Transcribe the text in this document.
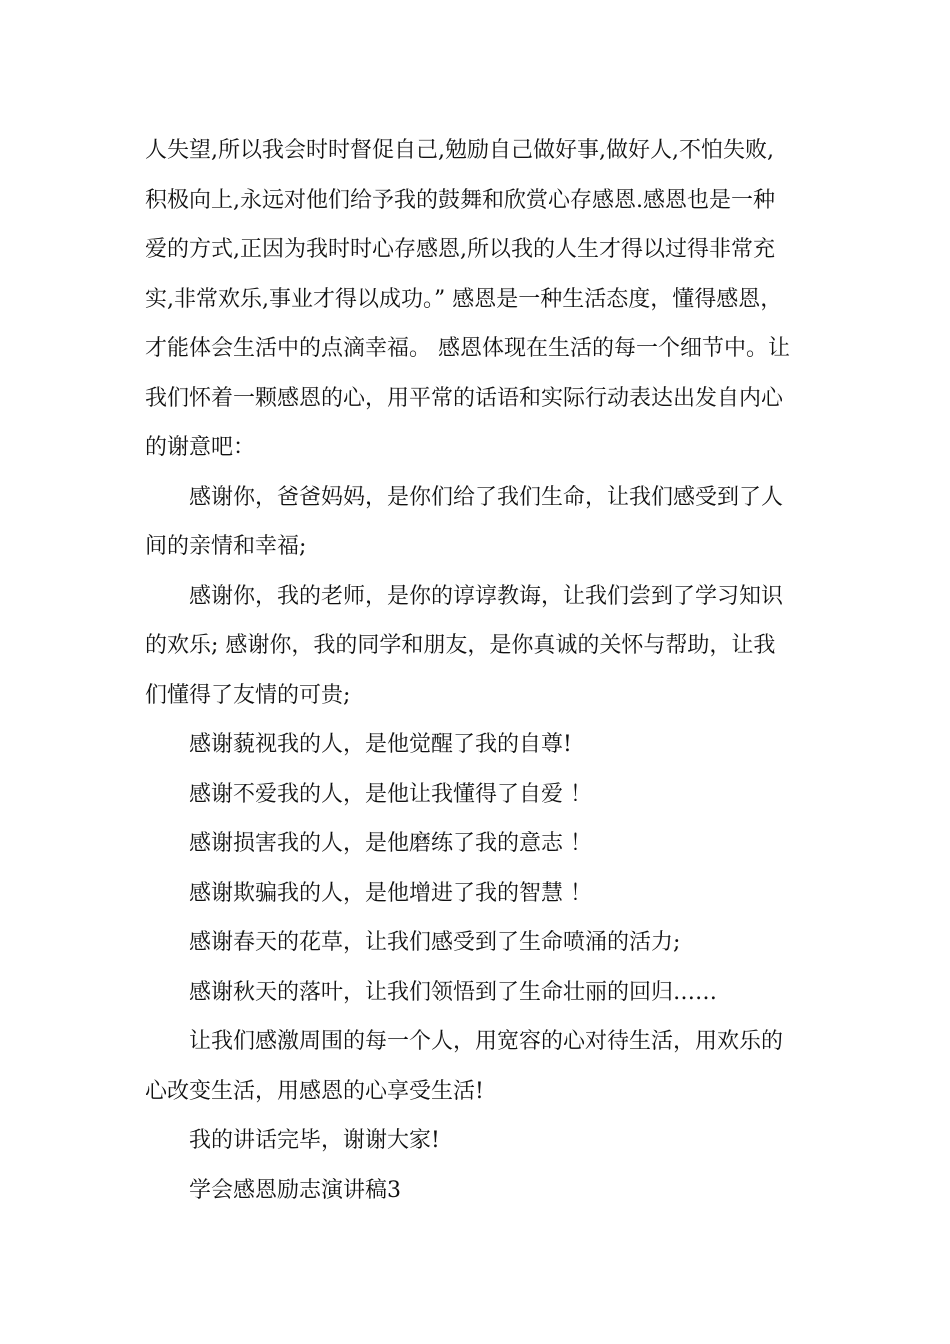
人失望,所以我会时时督促自己,勉励自己做好事,做好人,不怕失败,
积极向上,永远对他们给予我的鼓舞和欣赏心存感恩.感恩也是一种
爱的方式,正因为我时时心存感恩,所以我的人生才得以过得非常充
实,非常欢乐,事业才得以成功。” 感恩是一种生活态度，懂得感恩，
才能体会生活中的点滴幸福。 感恩体现在生活的每一个细节中。让
我们怀着一颗感恩的心，用平常的话语和实际行动表达出发自内心
的谢意吧：
感谢你，爸爸妈妈，是你们给了我们生命，让我们感受到了人
间的亲情和幸福;
感谢你，我的老师，是你的谆谆教诲，让我们尝到了学习知识
的欢乐; 感谢你，我的同学和朋友，是你真诚的关怀与帮助，让我
们懂得了友情的可贵;
感谢藐视我的人，是他觉醒了我的自尊!
感谢不爱我的人，是他让我懂得了自爱 ！
感谢损害我的人，是他磨练了我的意志 ！
感谢欺骗我的人，是他增进了我的智慧 ！
感谢春天的花草，让我们感受到了生命喷涌的活力;
感谢秋天的落叶，让我们领悟到了生命壮丽的回归……
让我们感激周围的每一个人，用宽容的心对待生活，用欢乐的
心改变生活，用感恩的心享受生活!
我的讲话完毕，谢谢大家!
学会感恩励志演讲稿3
